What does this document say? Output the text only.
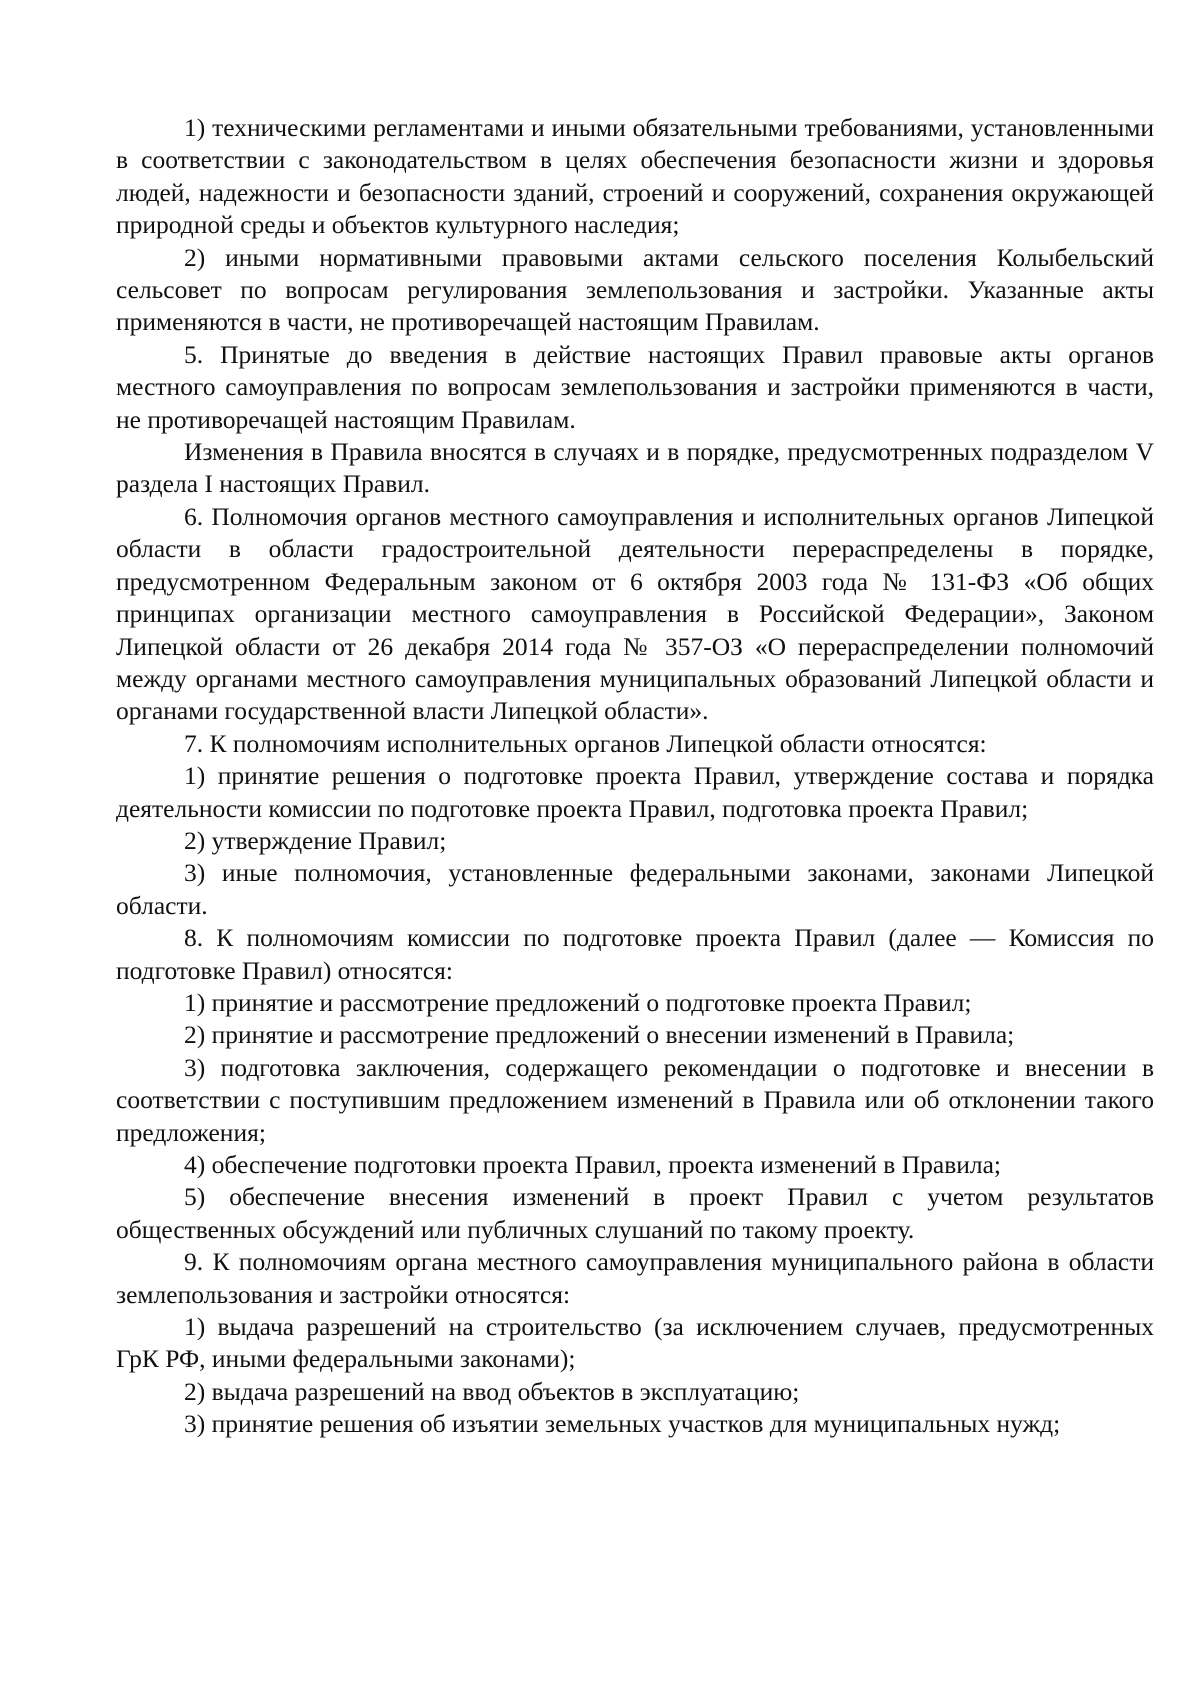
1) техническими регламентами и иными обязательными требованиями, установленными в соответствии с законодательством в целях обеспечения безопасности жизни и здоровья людей, надежности и безопасности зданий, строений и сооружений, сохранения окружающей природной среды и объектов культурного наследия;

2) иными нормативными правовыми актами сельского поселения Колыбельский сельсовет по вопросам регулирования землепользования и застройки. Указанные акты применяются в части, не противоречащей настоящим Правилам.

5. Принятые до введения в действие настоящих Правил правовые акты органов местного самоуправления по вопросам землепользования и застройки применяются в части, не противоречащей настоящим Правилам.

Изменения в Правила вносятся в случаях и в порядке, предусмотренных подразделом V раздела I настоящих Правил.

6. Полномочия органов местного самоуправления и исполнительных органов Липецкой области в области градостроительной деятельности перераспределены в порядке, предусмотренном Федеральным законом от 6 октября 2003 года № 131-ФЗ «Об общих принципах организации местного самоуправления в Российской Федерации», Законом Липецкой области от 26 декабря 2014 года № 357-ОЗ «О перераспределении полномочий между органами местного самоуправления муниципальных образований Липецкой области и органами государственной власти Липецкой области».

7. К полномочиям исполнительных органов Липецкой области относятся:

1) принятие решения о подготовке проекта Правил, утверждение состава и порядка деятельности комиссии по подготовке проекта Правил, подготовка проекта Правил;

2) утверждение Правил;

3) иные полномочия, установленные федеральными законами, законами Липецкой области.

8. К полномочиям комиссии по подготовке проекта Правил (далее — Комиссия по подготовке Правил) относятся:

1) принятие и рассмотрение предложений о подготовке проекта Правил;

2) принятие и рассмотрение предложений о внесении изменений в Правила;

3) подготовка заключения, содержащего рекомендации о подготовке и внесении в соответствии с поступившим предложением изменений в Правила или об отклонении такого предложения;

4) обеспечение подготовки проекта Правил, проекта изменений в Правила;

5) обеспечение внесения изменений в проект Правил с учетом результатов общественных обсуждений или публичных слушаний по такому проекту.

9. К полномочиям органа местного самоуправления муниципального района в области землепользования и застройки относятся:

1) выдача разрешений на строительство (за исключением случаев, предусмотренных ГрК РФ, иными федеральными законами);

2) выдача разрешений на ввод объектов в эксплуатацию;

3) принятие решения об изъятии земельных участков для муниципальных нужд;
